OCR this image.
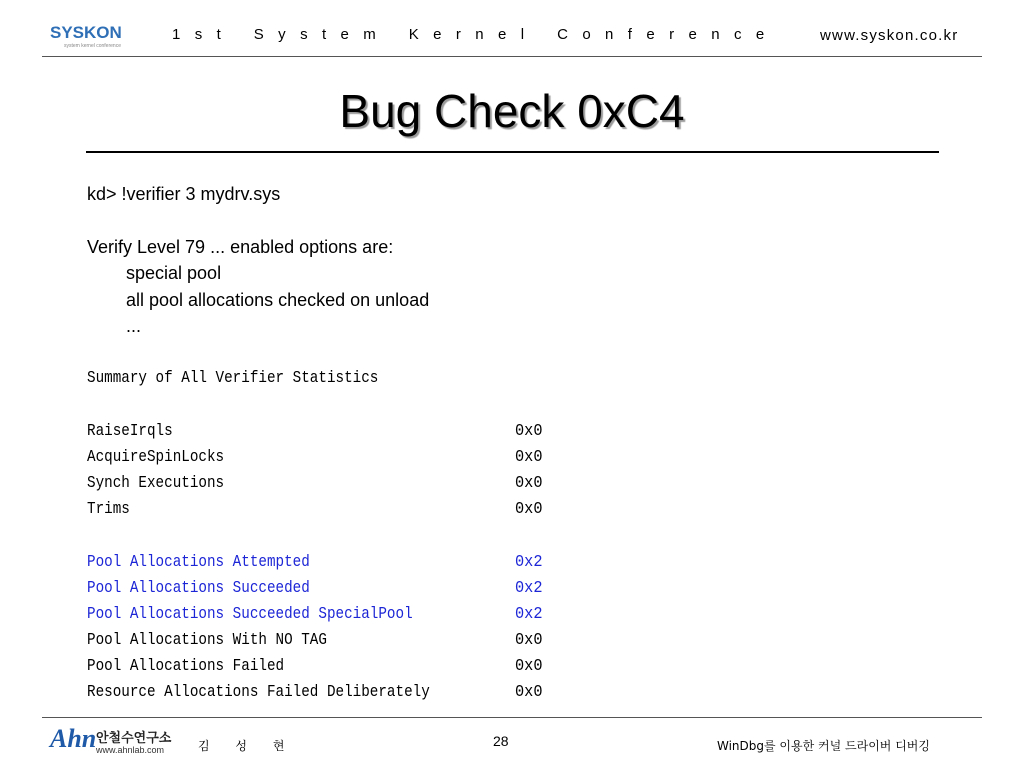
SYSKON
system kernel conference
1st System Kernel Conference	www.syskon.co.kr
Bug Check 0xC4
kd> !verifier 3 mydrv.sys
Verify Level 79 ... enabled options are:
special pool
all pool allocations checked on unload
...
Summary of All Verifier Statistics
RaiseIrqls	0x0
AcquireSpinLocks	0x0
Synch Executions	0x0
Trims	0x0
Pool Allocations Attempted	0x2
Pool Allocations Succeeded	0x2
Pool Allocations Succeeded SpecialPool	0x2
Pool Allocations With NO TAG	0x0
Pool Allocations Failed	0x0
Resource Allocations Failed Deliberately	0x0
Ahn 안철수연구소
www.ahnlab.com	김 성 현	28	WinDbg를 이용한 커널 드라이버 디버깅
